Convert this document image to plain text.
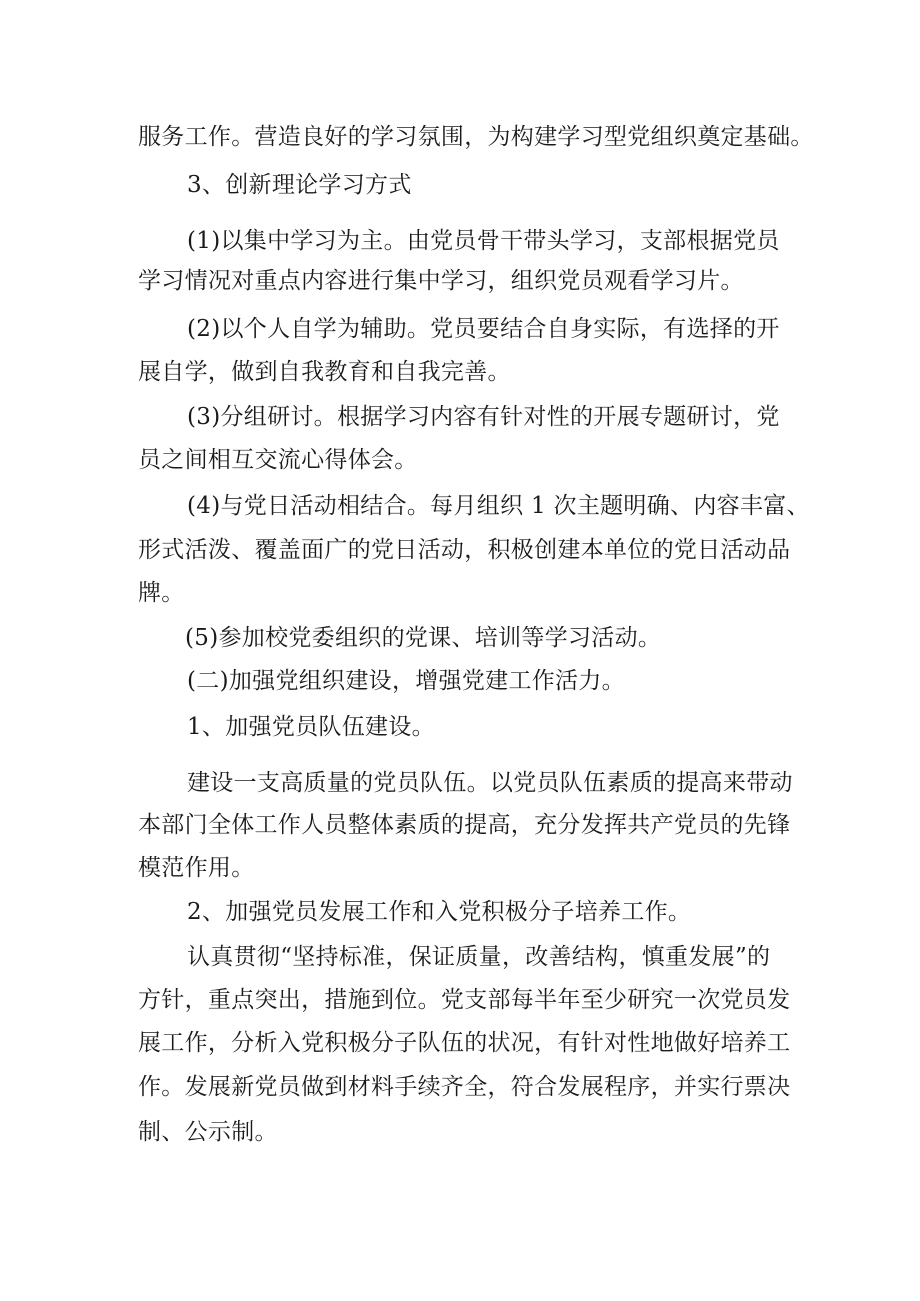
服务工作。营造良好的学习氛围，为构建学习型党组织奠定基础。

3、创新理论学习方式

(1)以集中学习为主。由党员骨干带头学习，支部根据党员

学习情况对重点内容进行集中学习，组织党员观看学习片。

(2)以个人自学为辅助。党员要结合自身实际，有选择的开

展自学，做到自我教育和自我完善。

(3)分组研讨。根据学习内容有针对性的开展专题研讨，党

员之间相互交流心得体会。

(4)与党日活动相结合。每月组织 1 次主题明确、内容丰富、

形式活泼、覆盖面广的党日活动，积极创建本单位的党日活动品

牌。

(5)参加校党委组织的党课、培训等学习活动。

(二)加强党组织建设，增强党建工作活力。

1、加强党员队伍建设。

建设一支高质量的党员队伍。以党员队伍素质的提高来带动

本部门全体工作人员整体素质的提高，充分发挥共产党员的先锋

模范作用。

2、加强党员发展工作和入党积极分子培养工作。

认真贯彻“坚持标准，保证质量，改善结构，慎重发展”的

方针，重点突出，措施到位。党支部每半年至少研究一次党员发

展工作，分析入党积极分子队伍的状况，有针对性地做好培养工

作。发展新党员做到材料手续齐全，符合发展程序，并实行票决

制、公示制。
